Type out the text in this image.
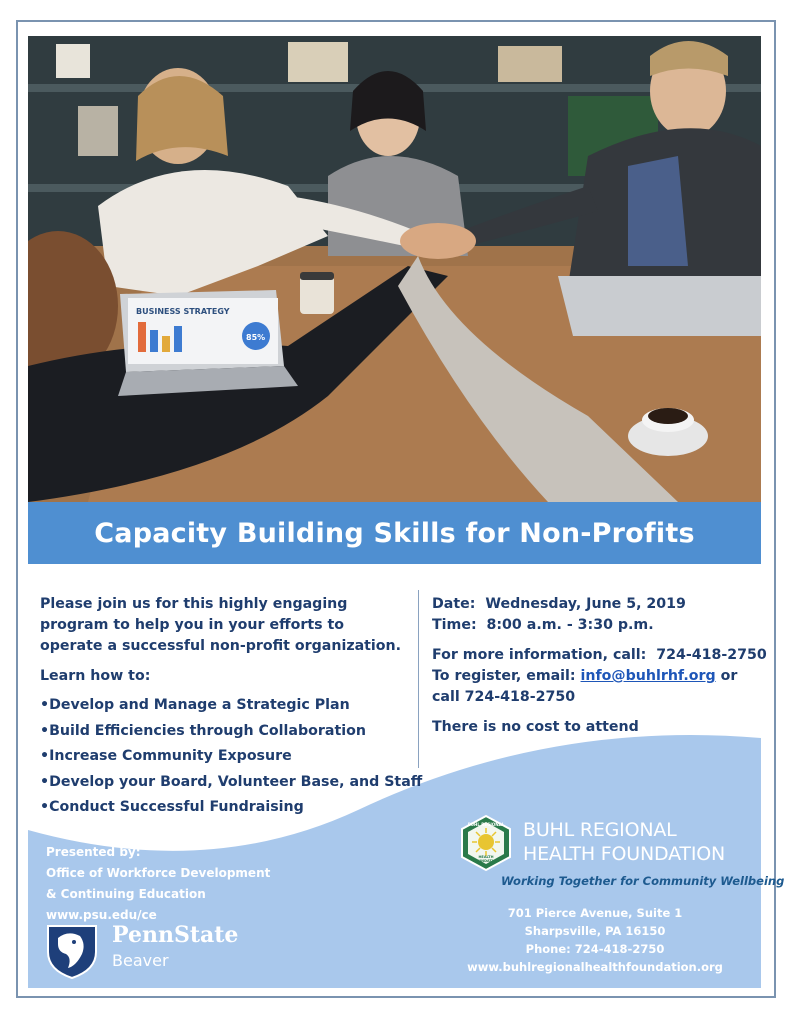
BUSINESS STRATEGY
85%
Capacity Building Skills for Non-Profits
Please join us for this highly engaging program to help you in your efforts to operate a successful non-profit organization.
Learn how to:
•Develop and Manage a Strategic Plan
•Build Efficiencies through Collaboration
•Increase Community Exposure
•Develop your Board, Volunteer Base, and Staff
•Conduct Successful Fundraising
Date: Wednesday, June 5, 2019
Time: 8:00 a.m. - 3:30 p.m.
For more information, call: 724-418-2750
To register, email: info@buhlrhf.org or
call 724-418-2750
There is no cost to attend
Presented by:
Office of Workforce Development
& Continuing Education
www.psu.edu/ce
PennState
Beaver
BUHL REGIONAL
HEALTH
FOUNDATION
BUHL REGIONAL
HEALTH FOUNDATION
Working Together for Community Wellbeing
701 Pierce Avenue, Suite 1
Sharpsville, PA 16150
Phone: 724-418-2750
www.buhlregionalhealthfoundation.org
